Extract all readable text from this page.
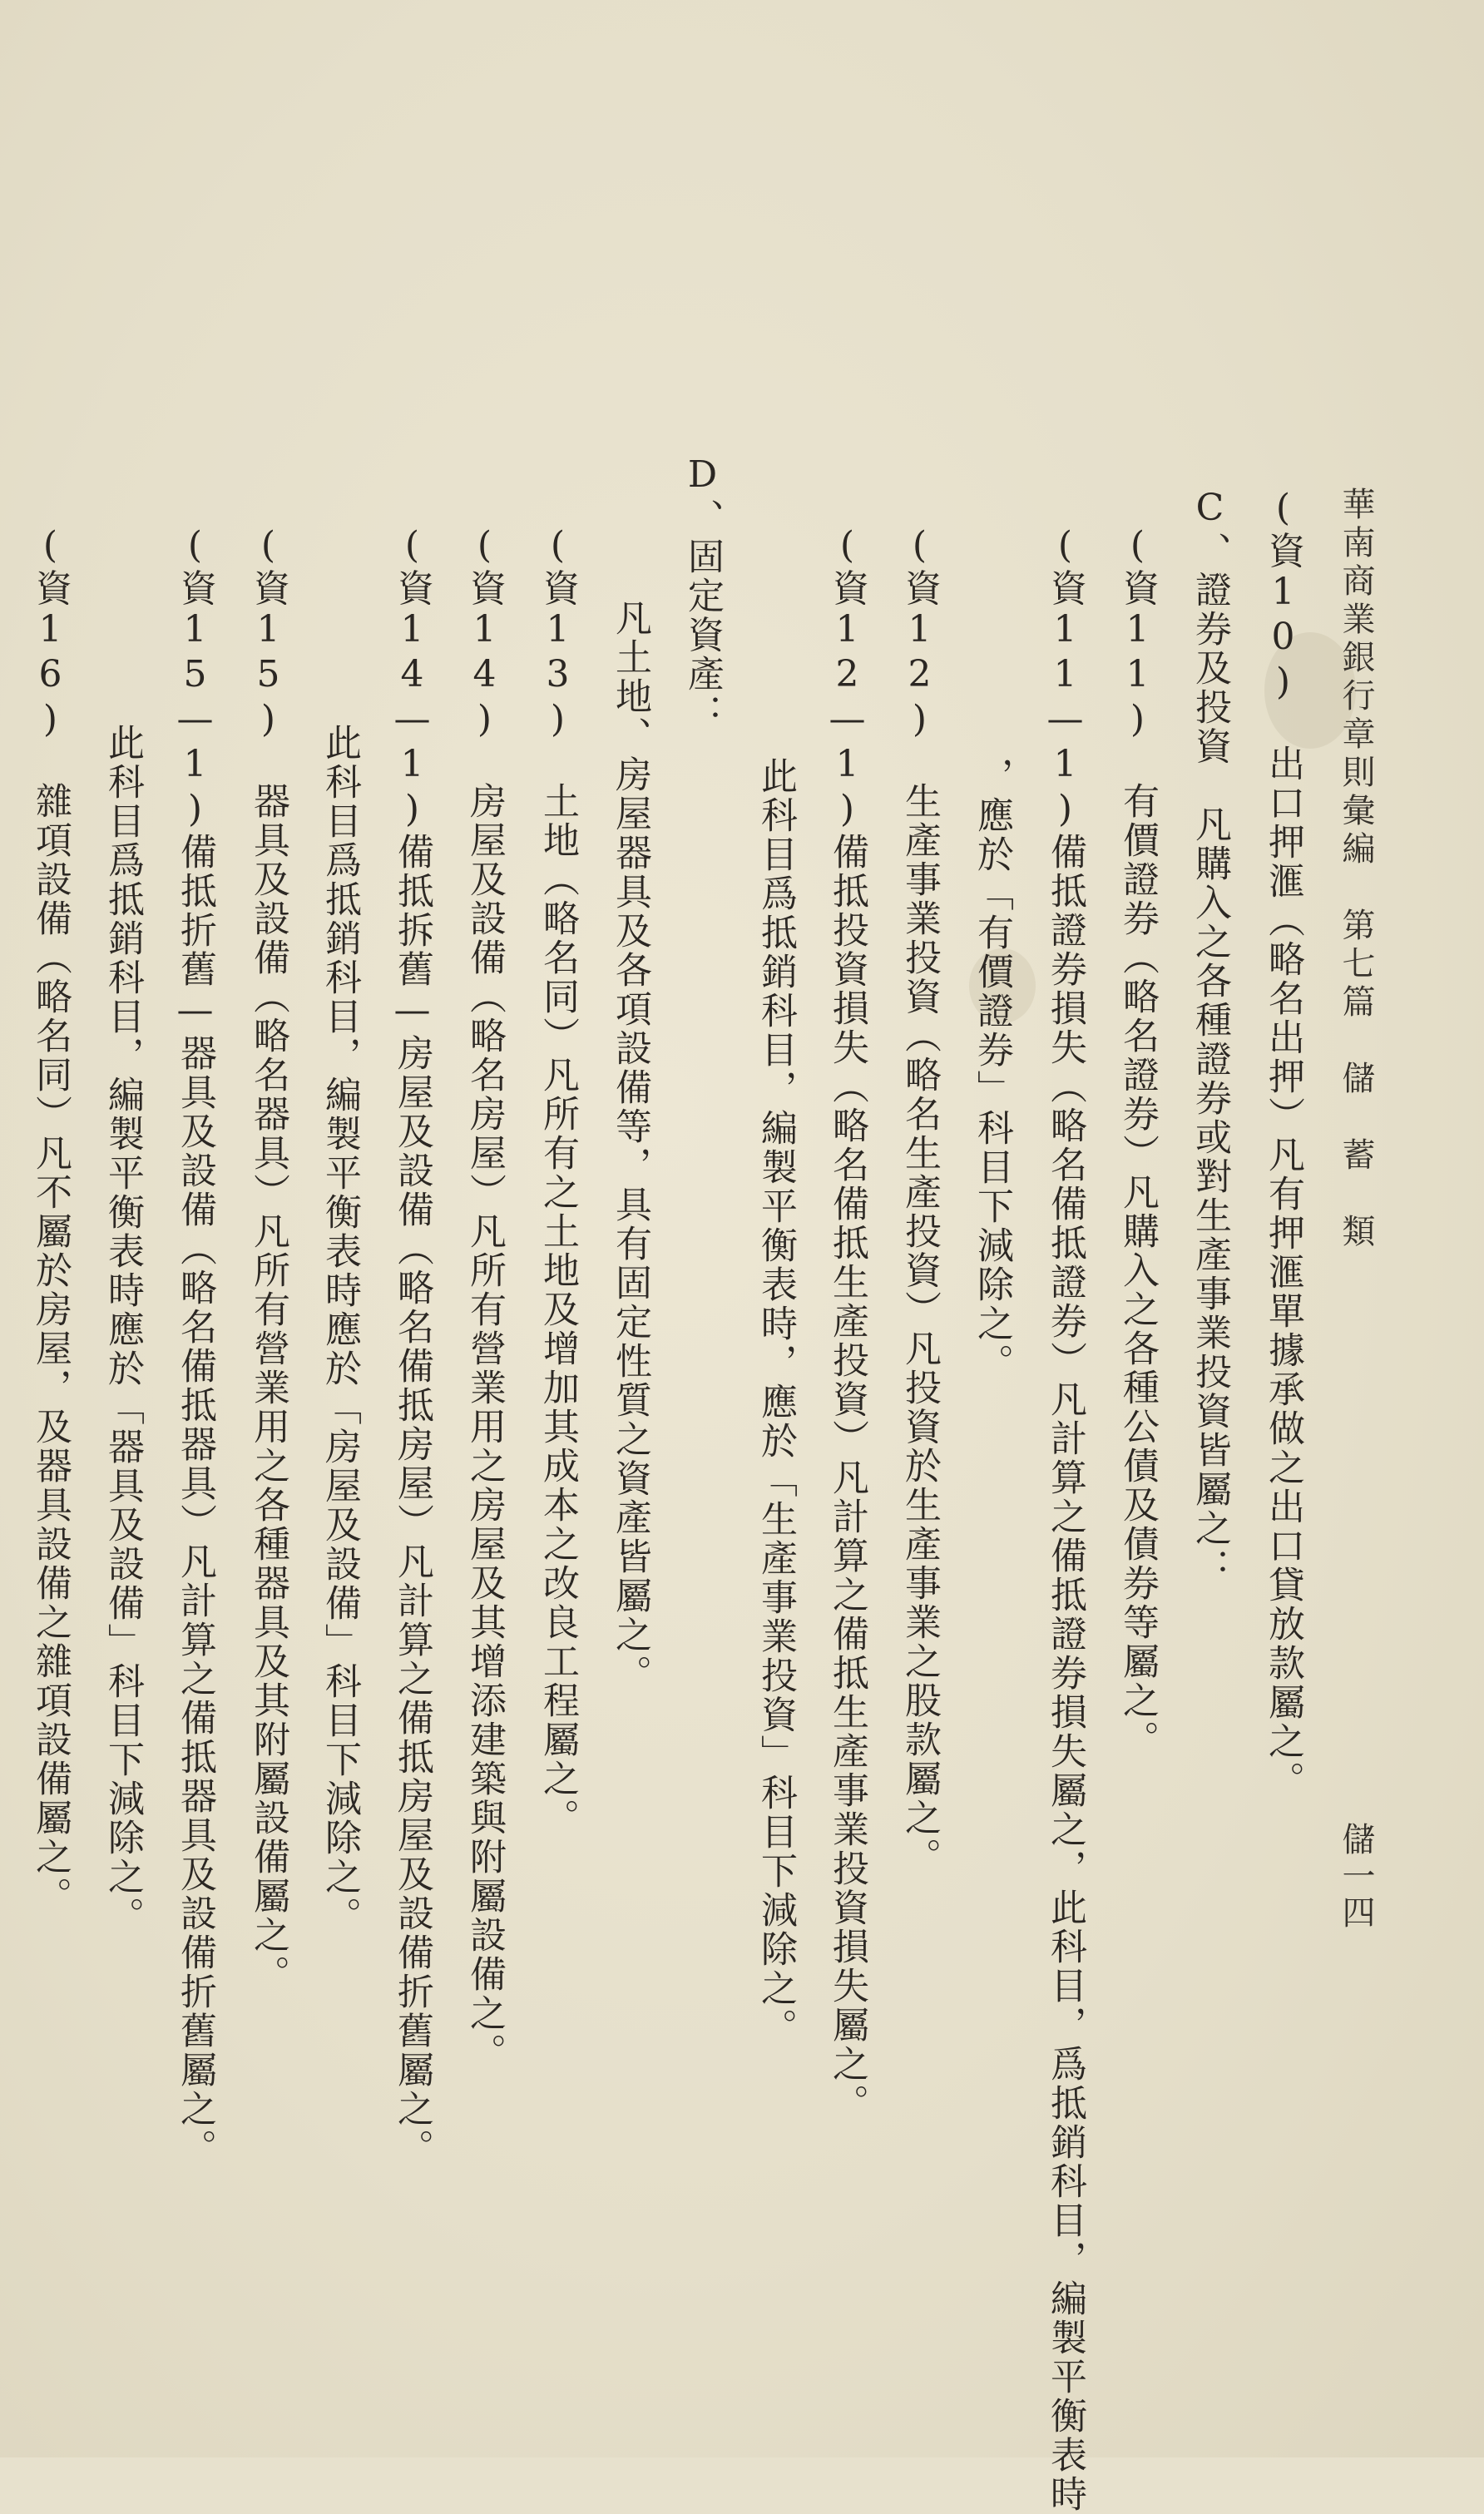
華南商業銀行章則彙編　第七篇　儲　蓄　類
儲一四
(資10)　出口押滙（略名出押）凡有押滙單據承做之出口貸放款屬之。
C、證券及投資　凡購入之各種證券或對生產事業投資皆屬之：
(資11)　有價證券（略名證券）凡購入之各種公債及債券等屬之。
(資11—1)備抵證券損失（略名備抵證券）凡計算之備抵證券損失屬之，此科目，爲抵銷科目，編製平衡表時
，應於「有價證券」科目下減除之。
(資12)　生產事業投資（略名生產投資）凡投資於生產事業之股款屬之。
(資12—1)備抵投資損失（略名備抵生產投資）凡計算之備抵生產事業投資損失屬之。
此科目爲抵銷科目，編製平衡表時，應於「生產事業投資」科目下減除之。
D、固定資產：
凡土地、房屋器具及各項設備等，具有固定性質之資產皆屬之。
(資13)　土地（略名同）凡所有之土地及增加其成本之改良工程屬之。
(資14)　房屋及設備（略名房屋）凡所有營業用之房屋及其增添建築與附屬設備之。
(資14—1)備抵拆舊—房屋及設備（略名備抵房屋）凡計算之備抵房屋及設備折舊屬之。
此科目爲抵銷科目，編製平衡表時應於「房屋及設備」科目下減除之。
(資15)　器具及設備（略名器具）凡所有營業用之各種器具及其附屬設備屬之。
(資15—1)備抵折舊—器具及設備（略名備抵器具）凡計算之備抵器具及設備折舊屬之。
此科目爲抵銷科目，編製平衡表時應於「器具及設備」科目下減除之。
(資16)　雜項設備（略名同）凡不屬於房屋，及器具設備之雜項設備屬之。
